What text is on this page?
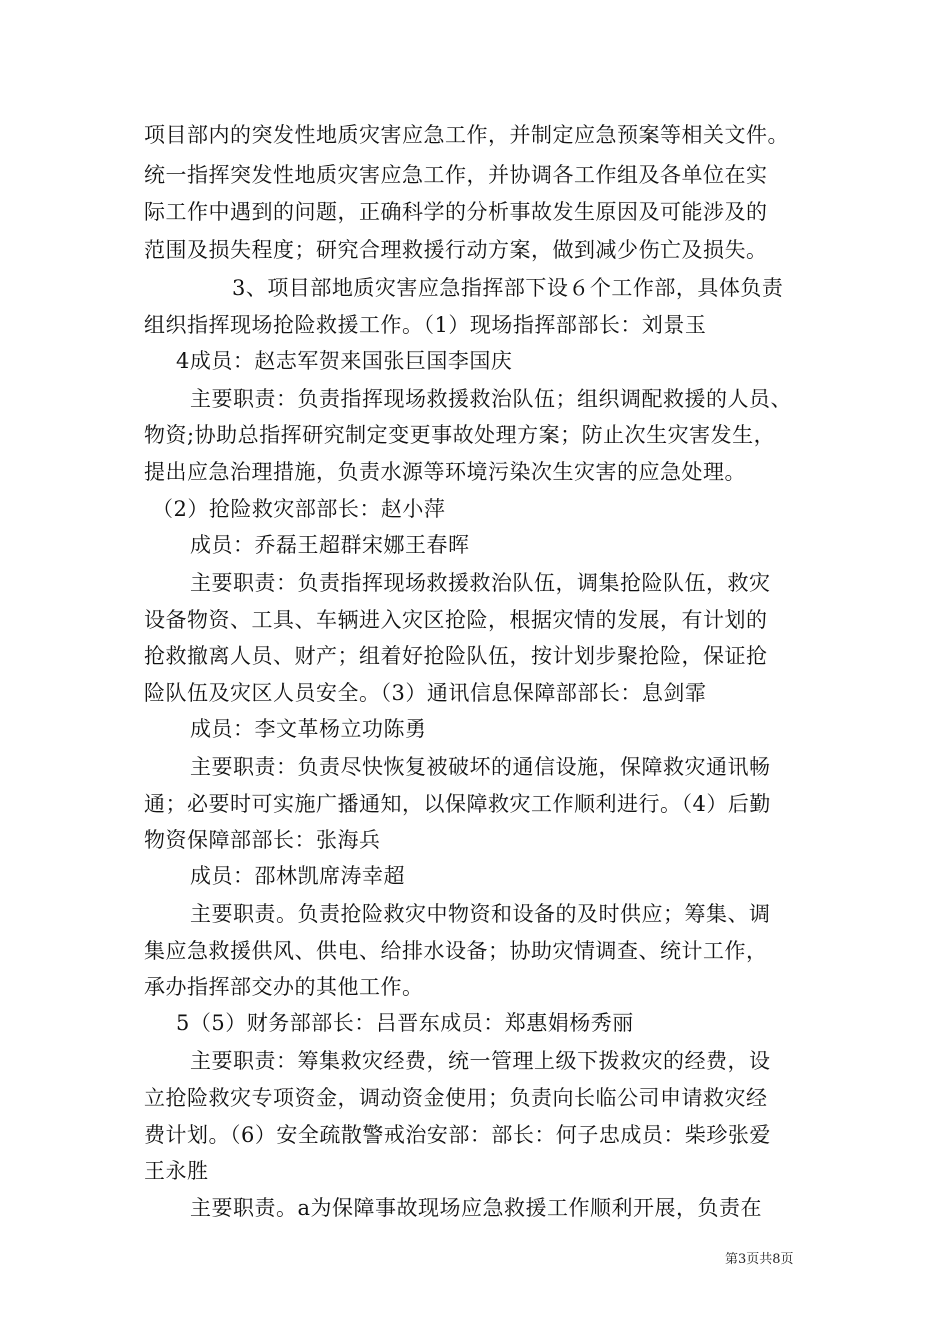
项目部内的突发性地质灾害应急工作，并制定应急预案等相关文件。
统一指挥突发性地质灾害应急工作，并协调各工作组及各单位在实
际工作中遇到的问题，正确科学的分析事故发生原因及可能涉及的
范围及损失程度；研究合理救援行动方案，做到减少伤亡及损失。
3、项目部地质灾害应急指挥部下设６个工作部，具体负责
组织指挥现场抢险救援工作。（1）现场指挥部部长：刘景玉
4成员：赵志军贺来国张巨国李国庆
主要职责：负责指挥现场救援救治队伍；组织调配救援的人员、
物资;协助总指挥研究制定变更事故处理方案；防止次生灾害发生，
提出应急治理措施，负责水源等环境污染次生灾害的应急处理。
（2）抢险救灾部部长：赵小萍
成员：乔磊王超群宋娜王春晖
主要职责：负责指挥现场救援救治队伍，调集抢险队伍，救灾
设备物资、工具、车辆进入灾区抢险，根据灾情的发展，有计划的
抢救撤离人员、财产；组着好抢险队伍，按计划步聚抢险，保证抢
险队伍及灾区人员安全。（3）通讯信息保障部部长：息剑霏
成员：李文革杨立功陈勇
主要职责：负责尽快恢复被破坏的通信设施，保障救灾通讯畅
通；必要时可实施广播通知，以保障救灾工作顺利进行。（4）后勤
物资保障部部长：张海兵
成员：邵林凯席涛幸超
主要职责。负责抢险救灾中物资和设备的及时供应；筹集、调
集应急救援供风、供电、给排水设备；协助灾情调查、统计工作，
承办指挥部交办的其他工作。
5（5）财务部部长：吕晋东成员：郑惠娟杨秀丽
主要职责：筹集救灾经费，统一管理上级下拨救灾的经费，设
立抢险救灾专项资金，调动资金使用；负责向长临公司申请救灾经
费计划。（6）安全疏散警戒治安部：部长：何子忠成员：柴珍张爱
王永胜
主要职责。a为保障事故现场应急救援工作顺利开展，负责在
第3页共8页
